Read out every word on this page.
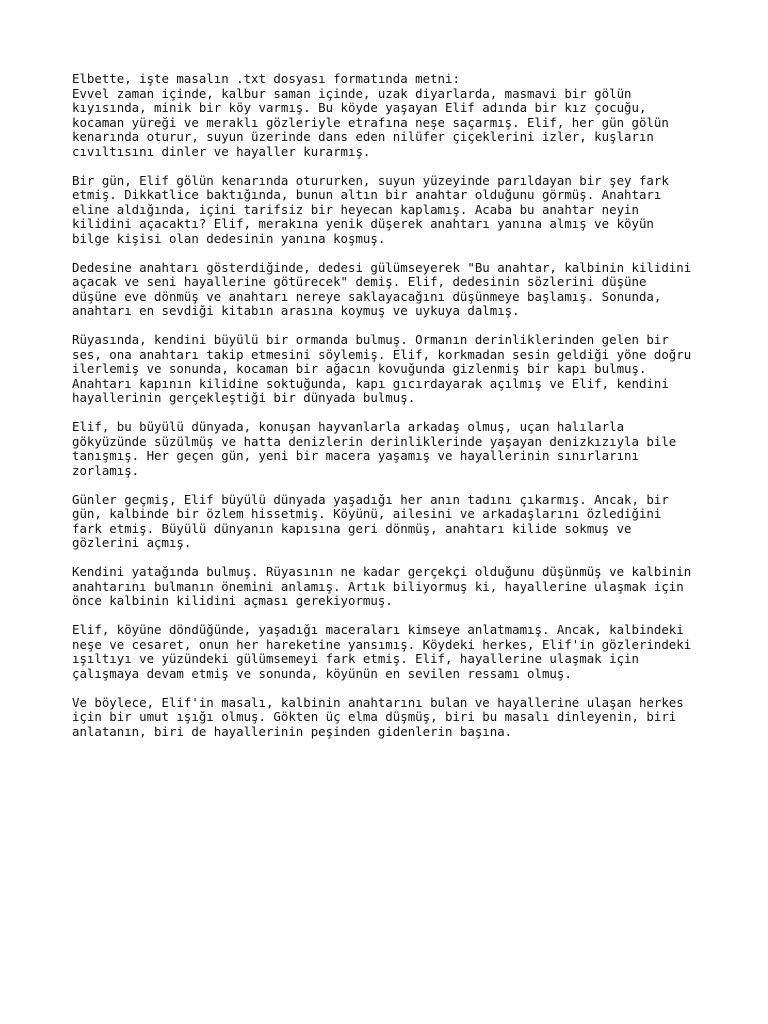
Elbette, işte masalın .txt dosyası formatında metni:
Evvel zaman içinde, kalbur saman içinde, uzak diyarlarda, masmavi bir gölün
kıyısında, minik bir köy varmış. Bu köyde yaşayan Elif adında bir kız çocuğu,
kocaman yüreği ve meraklı gözleriyle etrafına neşe saçarmış. Elif, her gün gölün
kenarında oturur, suyun üzerinde dans eden nilüfer çiçeklerini izler, kuşların
cıvıltısını dinler ve hayaller kurarmış.
Bir gün, Elif gölün kenarında otururken, suyun yüzeyinde parıldayan bir şey fark
etmiş. Dikkatlice baktığında, bunun altın bir anahtar olduğunu görmüş. Anahtarı
eline aldığında, içini tarifsiz bir heyecan kaplamış. Acaba bu anahtar neyin
kilidini açacaktı? Elif, merakına yenik düşerek anahtarı yanına almış ve köyün
bilge kişisi olan dedesinin yanına koşmuş.
Dedesine anahtarı gösterdiğinde, dedesi gülümseyerek "Bu anahtar, kalbinin kilidini
açacak ve seni hayallerine götürecek" demiş. Elif, dedesinin sözlerini düşüne
düşüne eve dönmüş ve anahtarı nereye saklayacağını düşünmeye başlamış. Sonunda,
anahtarı en sevdiği kitabın arasına koymuş ve uykuya dalmış.
Rüyasında, kendini büyülü bir ormanda bulmuş. Ormanın derinliklerinden gelen bir
ses, ona anahtarı takip etmesini söylemiş. Elif, korkmadan sesin geldiği yöne doğru
ilerlemiş ve sonunda, kocaman bir ağacın kovuğunda gizlenmiş bir kapı bulmuş.
Anahtarı kapının kilidine soktuğunda, kapı gıcırdayarak açılmış ve Elif, kendini
hayallerinin gerçekleştiği bir dünyada bulmuş.
Elif, bu büyülü dünyada, konuşan hayvanlarla arkadaş olmuş, uçan halılarla
gökyüzünde süzülmüş ve hatta denizlerin derinliklerinde yaşayan denizkızıyla bile
tanışmış. Her geçen gün, yeni bir macera yaşamış ve hayallerinin sınırlarını
zorlamış.
Günler geçmiş, Elif büyülü dünyada yaşadığı her anın tadını çıkarmış. Ancak, bir
gün, kalbinde bir özlem hissetmiş. Köyünü, ailesini ve arkadaşlarını özlediğini
fark etmiş. Büyülü dünyanın kapısına geri dönmüş, anahtarı kilide sokmuş ve
gözlerini açmış.
Kendini yatağında bulmuş. Rüyasının ne kadar gerçekçi olduğunu düşünmüş ve kalbinin
anahtarını bulmanın önemini anlamış. Artık biliyormuş ki, hayallerine ulaşmak için
önce kalbinin kilidini açması gerekiyormuş.
Elif, köyüne döndüğünde, yaşadığı maceraları kimseye anlatmamış. Ancak, kalbindeki
neşe ve cesaret, onun her hareketine yansımış. Köydeki herkes, Elif'in gözlerindeki
ışıltıyı ve yüzündeki gülümsemeyi fark etmiş. Elif, hayallerine ulaşmak için
çalışmaya devam etmiş ve sonunda, köyünün en sevilen ressamı olmuş.
Ve böylece, Elif'in masalı, kalbinin anahtarını bulan ve hayallerine ulaşan herkes
için bir umut ışığı olmuş. Gökten üç elma düşmüş, biri bu masalı dinleyenin, biri
anlatanın, biri de hayallerinin peşinden gidenlerin başına.
